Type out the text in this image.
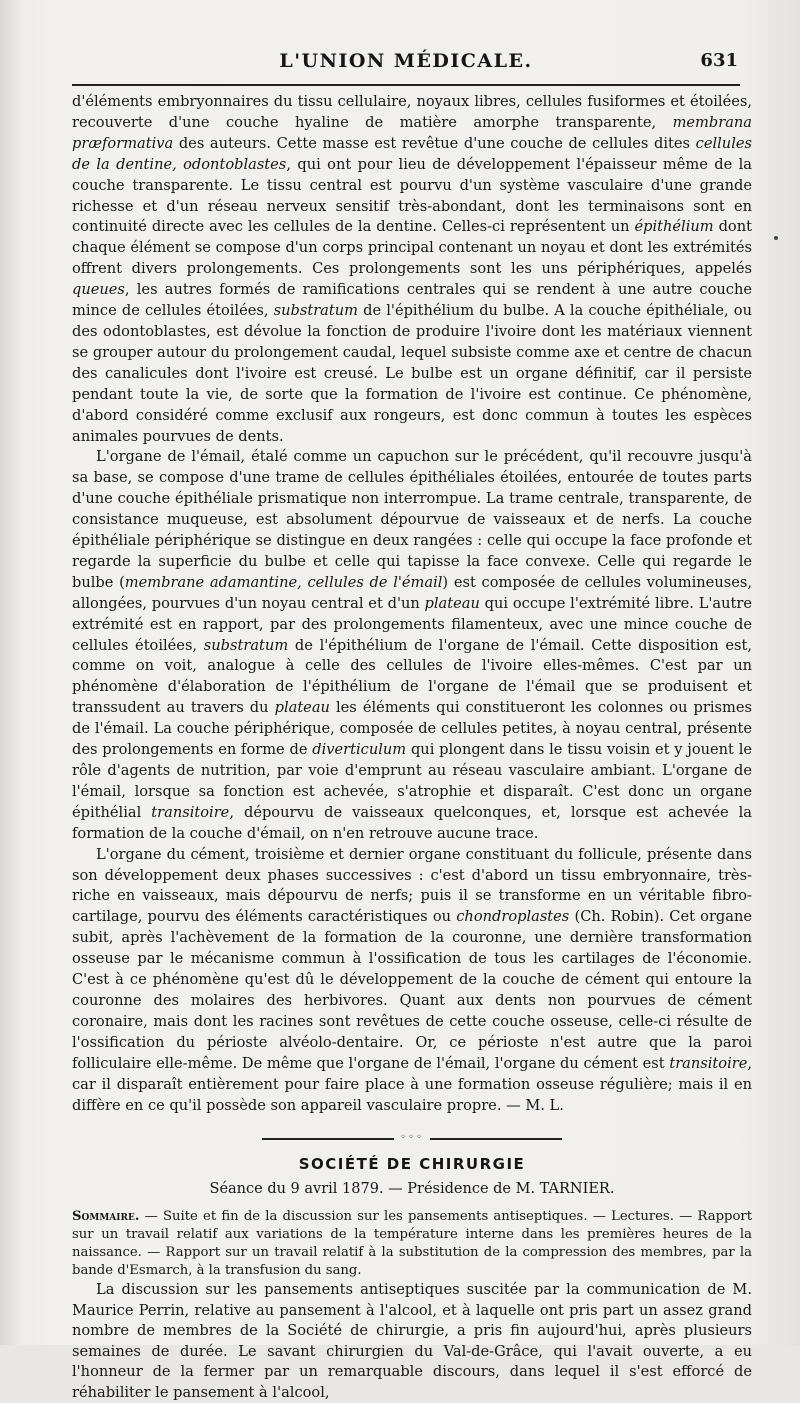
L'UNION MÉDICALE.	631

d'éléments embryonnaires du tissu cellulaire, noyaux libres, cellules fusiformes et étoilées, recouverte d'une couche hyaline de matière amorphe transparente, membrana præformativa des auteurs. Cette masse est revêtue d'une couche de cellules dites cellules de la dentine, odontoblastes, qui ont pour lieu de développement l'épaisseur même de la couche transparente. Le tissu central est pourvu d'un système vasculaire d'une grande richesse et d'un réseau nerveux sensitif très-abondant, dont les terminaisons sont en continuité directe avec les cellules de la dentine. Celles-ci représentent un épithélium dont chaque élément se compose d'un corps principal contenant un noyau et dont les extrémités offrent divers prolongements. Ces prolongements sont les uns périphériques, appelés queues, les autres formés de ramifications centrales qui se rendent à une autre couche mince de cellules étoilées, substratum de l'épithélium du bulbe. A la couche épithéliale, ou des odontoblastes, est dévolue la fonction de produire l'ivoire dont les matériaux viennent se grouper autour du prolongement caudal, lequel subsiste comme axe et centre de chacun des canalicules dont l'ivoire est creusé. Le bulbe est un organe définitif, car il persiste pendant toute la vie, de sorte que la formation de l'ivoire est continue. Ce phénomène, d'abord considéré comme exclusif aux rongeurs, est donc commun à toutes les espèces animales pourvues de dents.

L'organe de l'émail, étalé comme un capuchon sur le précédent, qu'il recouvre jusqu'à sa base, se compose d'une trame de cellules épithéliales étoilées, entourée de toutes parts d'une couche épithéliale prismatique non interrompue. La trame centrale, transparente, de consistance muqueuse, est absolument dépourvue de vaisseaux et de nerfs. La couche épithéliale périphérique se distingue en deux rangées : celle qui occupe la face profonde et regarde la superficie du bulbe et celle qui tapisse la face convexe. Celle qui regarde le bulbe (membrane adamantine, cellules de l'émail) est composée de cellules volumineuses, allongées, pourvues d'un noyau central et d'un plateau qui occupe l'extrémité libre. L'autre extrémité est en rapport, par des prolongements filamenteux, avec une mince couche de cellules étoilées, substratum de l'épithélium de l'organe de l'émail. Cette disposition est, comme on voit, analogue à celle des cellules de l'ivoire elles-mêmes. C'est par un phénomène d'élaboration de l'épithélium de l'organe de l'émail que se produisent et transsudent au travers du plateau les éléments qui constitueront les colonnes ou prismes de l'émail. La couche périphérique, composée de cellules petites, à noyau central, présente des prolongements en forme de diverticulum qui plongent dans le tissu voisin et y jouent le rôle d'agents de nutrition, par voie d'emprunt au réseau vasculaire ambiant. L'organe de l'émail, lorsque sa fonction est achevée, s'atrophie et disparaît. C'est donc un organe épithélial transitoire, dépourvu de vaisseaux quelconques, et, lorsque est achevée la formation de la couche d'émail, on n'en retrouve aucune trace.

L'organe du cément, troisième et dernier organe constituant du follicule, présente dans son développement deux phases successives : c'est d'abord un tissu embryonnaire, très-riche en vaisseaux, mais dépourvu de nerfs; puis il se transforme en un véritable fibro-cartilage, pourvu des éléments caractéristiques ou chondroplastes (Ch. Robin). Cet organe subit, après l'achèvement de la formation de la couronne, une dernière transformation osseuse par le mécanisme commun à l'ossification de tous les cartilages de l'économie. C'est à ce phénomène qu'est dû le développement de la couche de cément qui entoure la couronne des molaires des herbivores. Quant aux dents non pourvues de cément coronaire, mais dont les racines sont revêtues de cette couche osseuse, celle-ci résulte de l'ossification du périoste alvéolo-dentaire. Or, ce périoste n'est autre que la paroi folliculaire elle-même. De même que l'organe de l'émail, l'organe du cément est transitoire, car il disparaît entièrement pour faire place à une formation osseuse régulière; mais il en diffère en ce qu'il possède son appareil vasculaire propre. — M. L.

◦◦◦
SOCIÉTÉ DE CHIRURGIE
Séance du 9 avril 1879. — Présidence de M. TARNIER.

Sommaire. — Suite et fin de la discussion sur les pansements antiseptiques. — Lectures. — Rapport sur un travail relatif aux variations de la température interne dans les premières heures de la naissance. — Rapport sur un travail relatif à la substitution de la compression des membres, par la bande d'Esmarch, à la transfusion du sang.

La discussion sur les pansements antiseptiques suscitée par la communication de M. Maurice Perrin, relative au pansement à l'alcool, et à laquelle ont pris part un assez grand nombre de membres de la Société de chirurgie, a pris fin aujourd'hui, après plusieurs semaines de durée. Le savant chirurgien du Val-de-Grâce, qui l'avait ouverte, a eu l'honneur de la fermer par un remarquable discours, dans lequel il s'est efforcé de réhabiliter le pansement à l'alcool,
